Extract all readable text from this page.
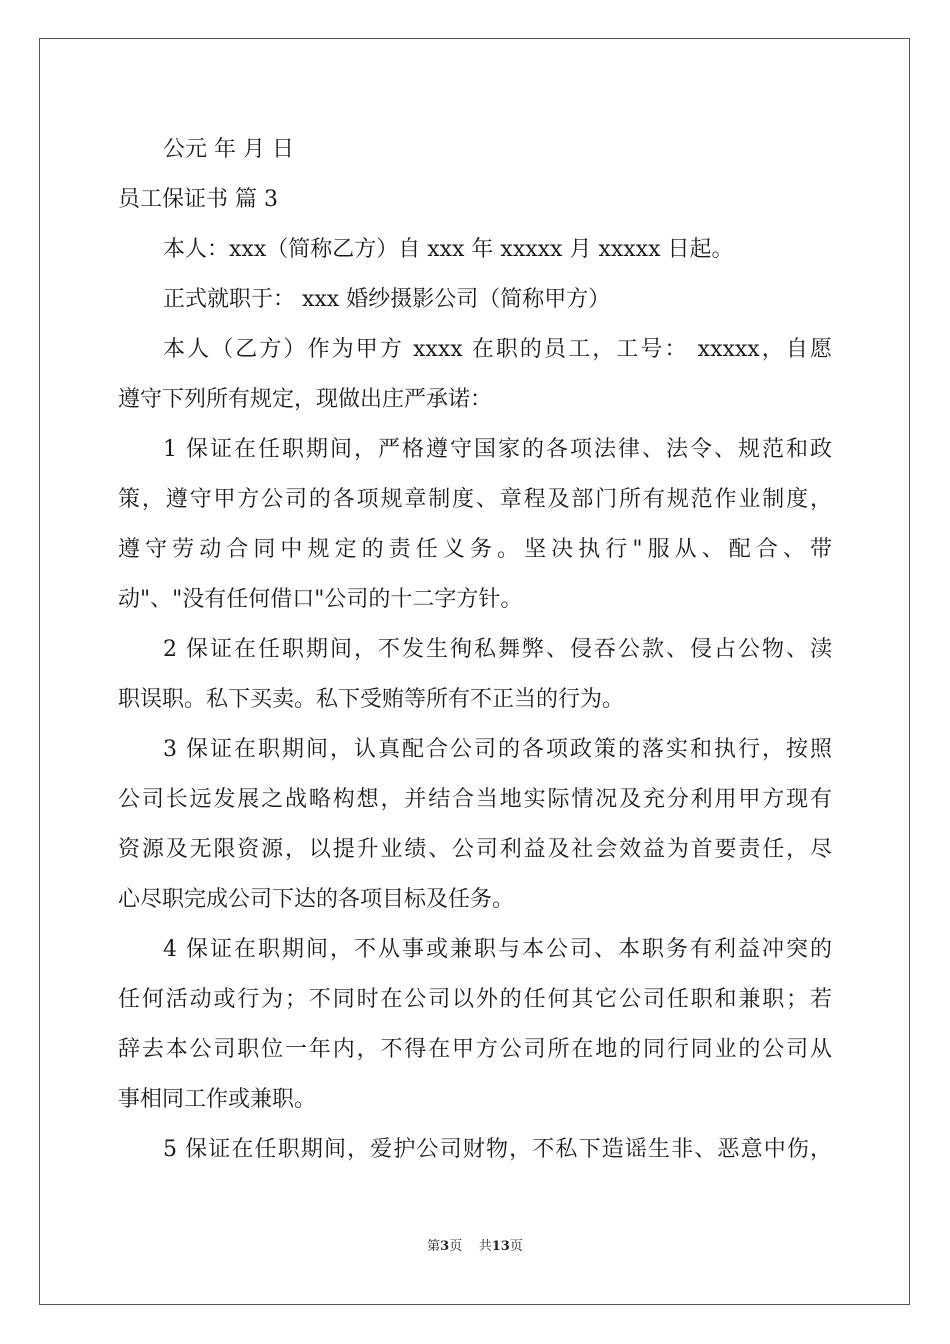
公元 年 月 日
员工保证书 篇 3
本人：xxx（简称乙方）自 xxx 年 xxxxx 月 xxxxx 日起。
正式就职于： xxx 婚纱摄影公司（简称甲方）
本人（乙方）作为甲方 xxxx 在职的员工，工号： xxxxx，自愿
遵守下列所有规定，现做出庄严承诺：
1 保证在任职期间，严格遵守国家的各项法律、法令、规范和政
策，遵守甲方公司的各项规章制度、章程及部门所有规范作业制度，
遵守劳动合同中规定的责任义务。坚决执行"服从、配合、带
动"、"没有任何借口"公司的十二字方针。
2 保证在任职期间，不发生徇私舞弊、侵吞公款、侵占公物、渎
职误职。私下买卖。私下受贿等所有不正当的行为。
3 保证在职期间，认真配合公司的各项政策的落实和执行，按照
公司长远发展之战略构想，并结合当地实际情况及充分利用甲方现有
资源及无限资源，以提升业绩、公司利益及社会效益为首要责任，尽
心尽职完成公司下达的各项目标及任务。
4 保证在职期间，不从事或兼职与本公司、本职务有利益冲突的
任何活动或行为；不同时在公司以外的任何其它公司任职和兼职；若
辞去本公司职位一年内，不得在甲方公司所在地的同行同业的公司从
事相同工作或兼职。
5 保证在任职期间，爱护公司财物，不私下造谣生非、恶意中伤，
第3页    共13页
